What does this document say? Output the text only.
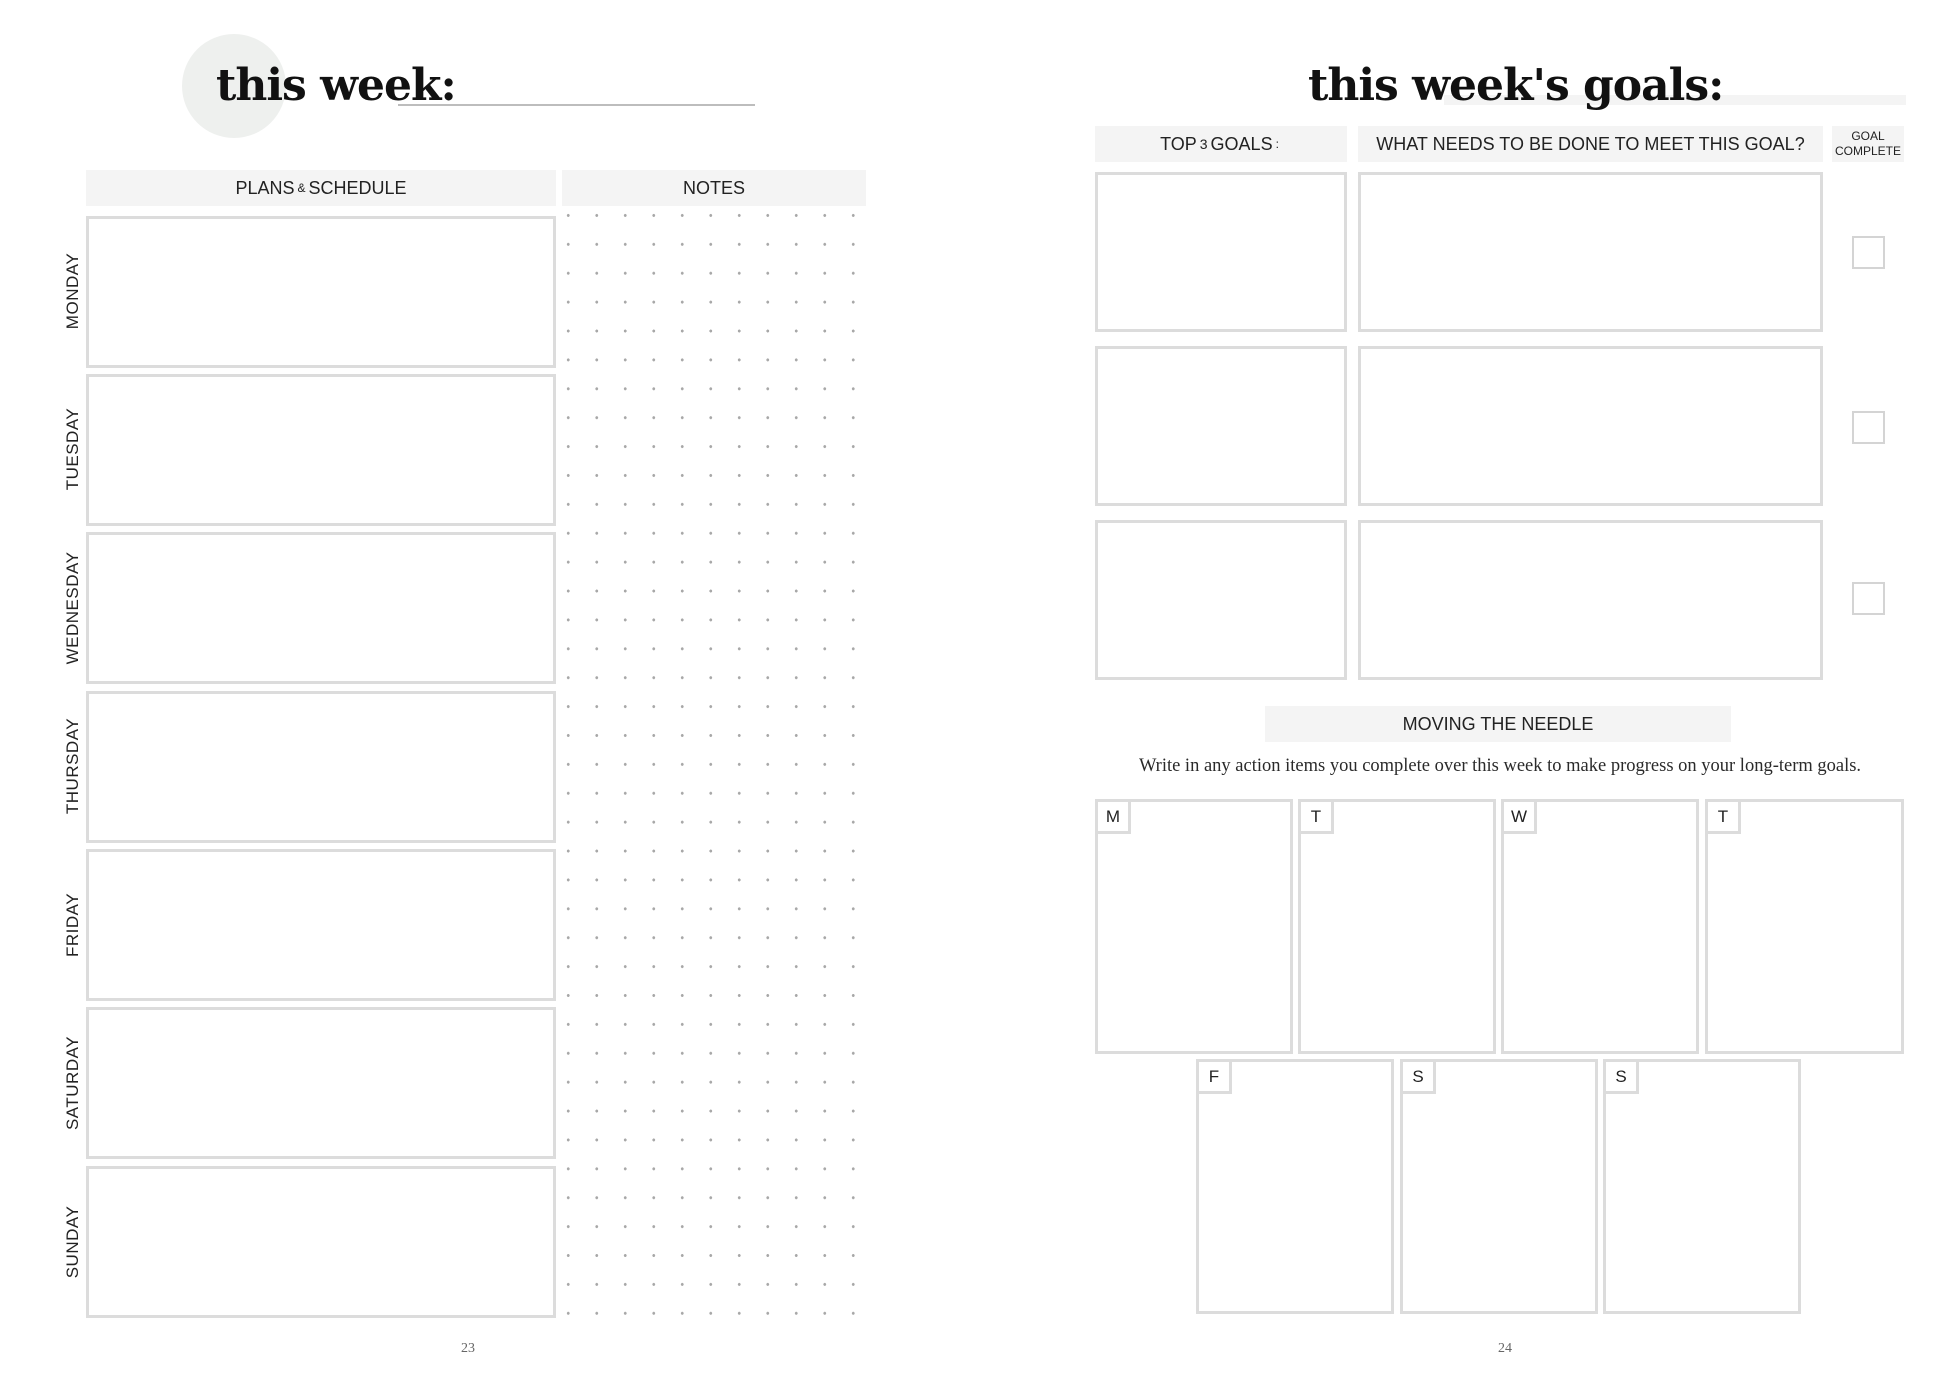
this week:
PLANS & SCHEDULE	NOTES
MONDAY
TUESDAY
WEDNESDAY
THURSDAY
FRIDAY
SATURDAY
SUNDAY
23
this week's goals:
TOP 3 GOALS :	WHAT NEEDS TO BE DONE TO MEET THIS GOAL?	GOAL
COMPLETE
MOVING THE NEEDLE
Write in any action items you complete over this week to make progress on your long-term goals.
M	T	W	T
F	S	S
24
